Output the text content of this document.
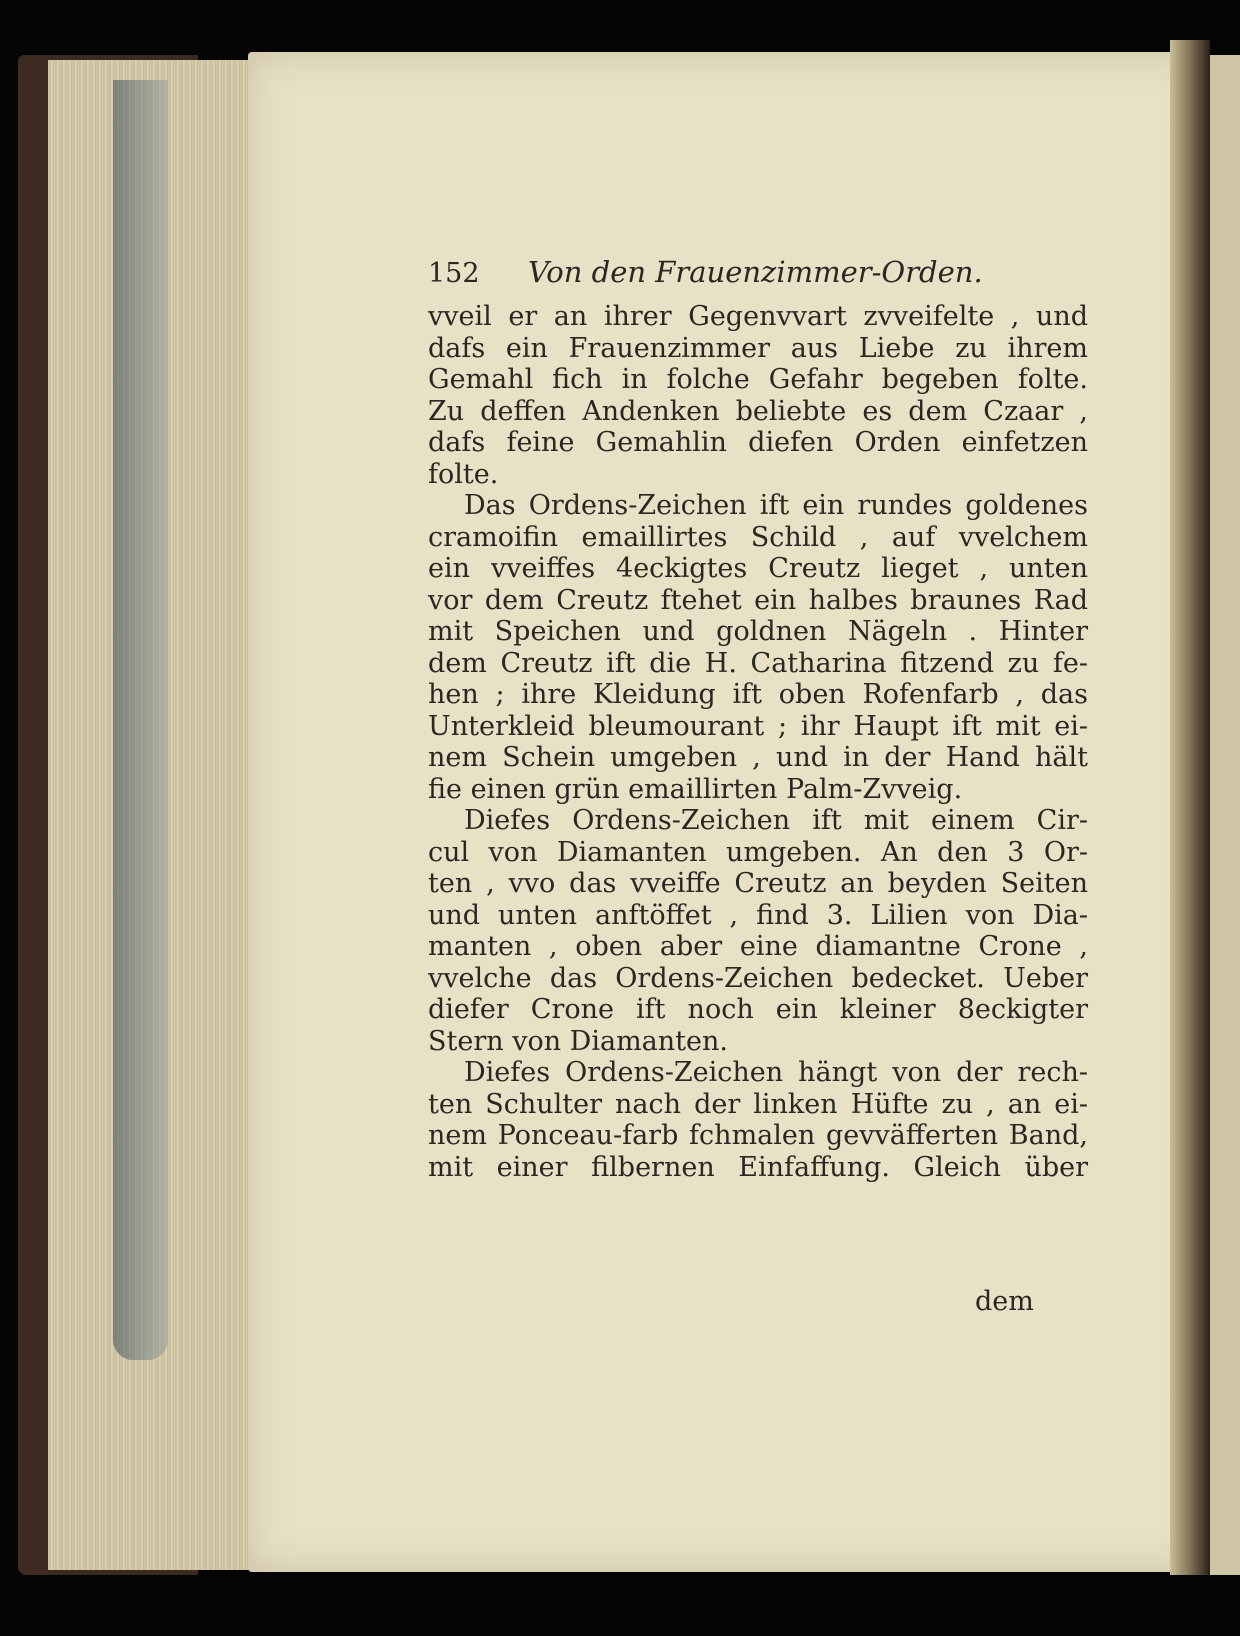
152	Von den Frauenzimmer-Orden.

vveil er an ihrer Gegenvvart zvveifelte , und
dafs ein Frauenzimmer aus Liebe zu ihrem
Gemahl fich in folche Gefahr begeben folte.
Zu deffen Andenken beliebte es dem Czaar ,
dafs feine Gemahlin diefen Orden einfetzen
folte.

Das Ordens-Zeichen ift ein rundes goldenes
cramoifin emaillirtes Schild , auf vvelchem
ein vveiffes 4eckigtes Creutz lieget , unten
vor dem Creutz ftehet ein halbes braunes Rad
mit Speichen und goldnen Nägeln . Hinter
dem Creutz ift die H. Catharina fitzend zu fe-
hen ; ihre Kleidung ift oben Rofenfarb , das
Unterkleid bleumourant ; ihr Haupt ift mit ei-
nem Schein umgeben , und in der Hand hält
fie einen grün emaillirten Palm-Zvveig.

Diefes Ordens-Zeichen ift mit einem Cir-
cul von Diamanten umgeben. An den 3 Or-
ten , vvo das vveiffe Creutz an beyden Seiten
und unten anftöffet , find 3. Lilien von Dia-
manten , oben aber eine diamantne Crone ,
vvelche das Ordens-Zeichen bedecket. Ueber
diefer Crone ift noch ein kleiner 8eckigter
Stern von Diamanten.

Diefes Ordens-Zeichen hängt von der rech-
ten Schulter nach der linken Hüfte zu , an ei-
nem Ponceau-farb fchmalen gevväfferten Band,
mit einer filbernen Einfaffung. Gleich über

dem
